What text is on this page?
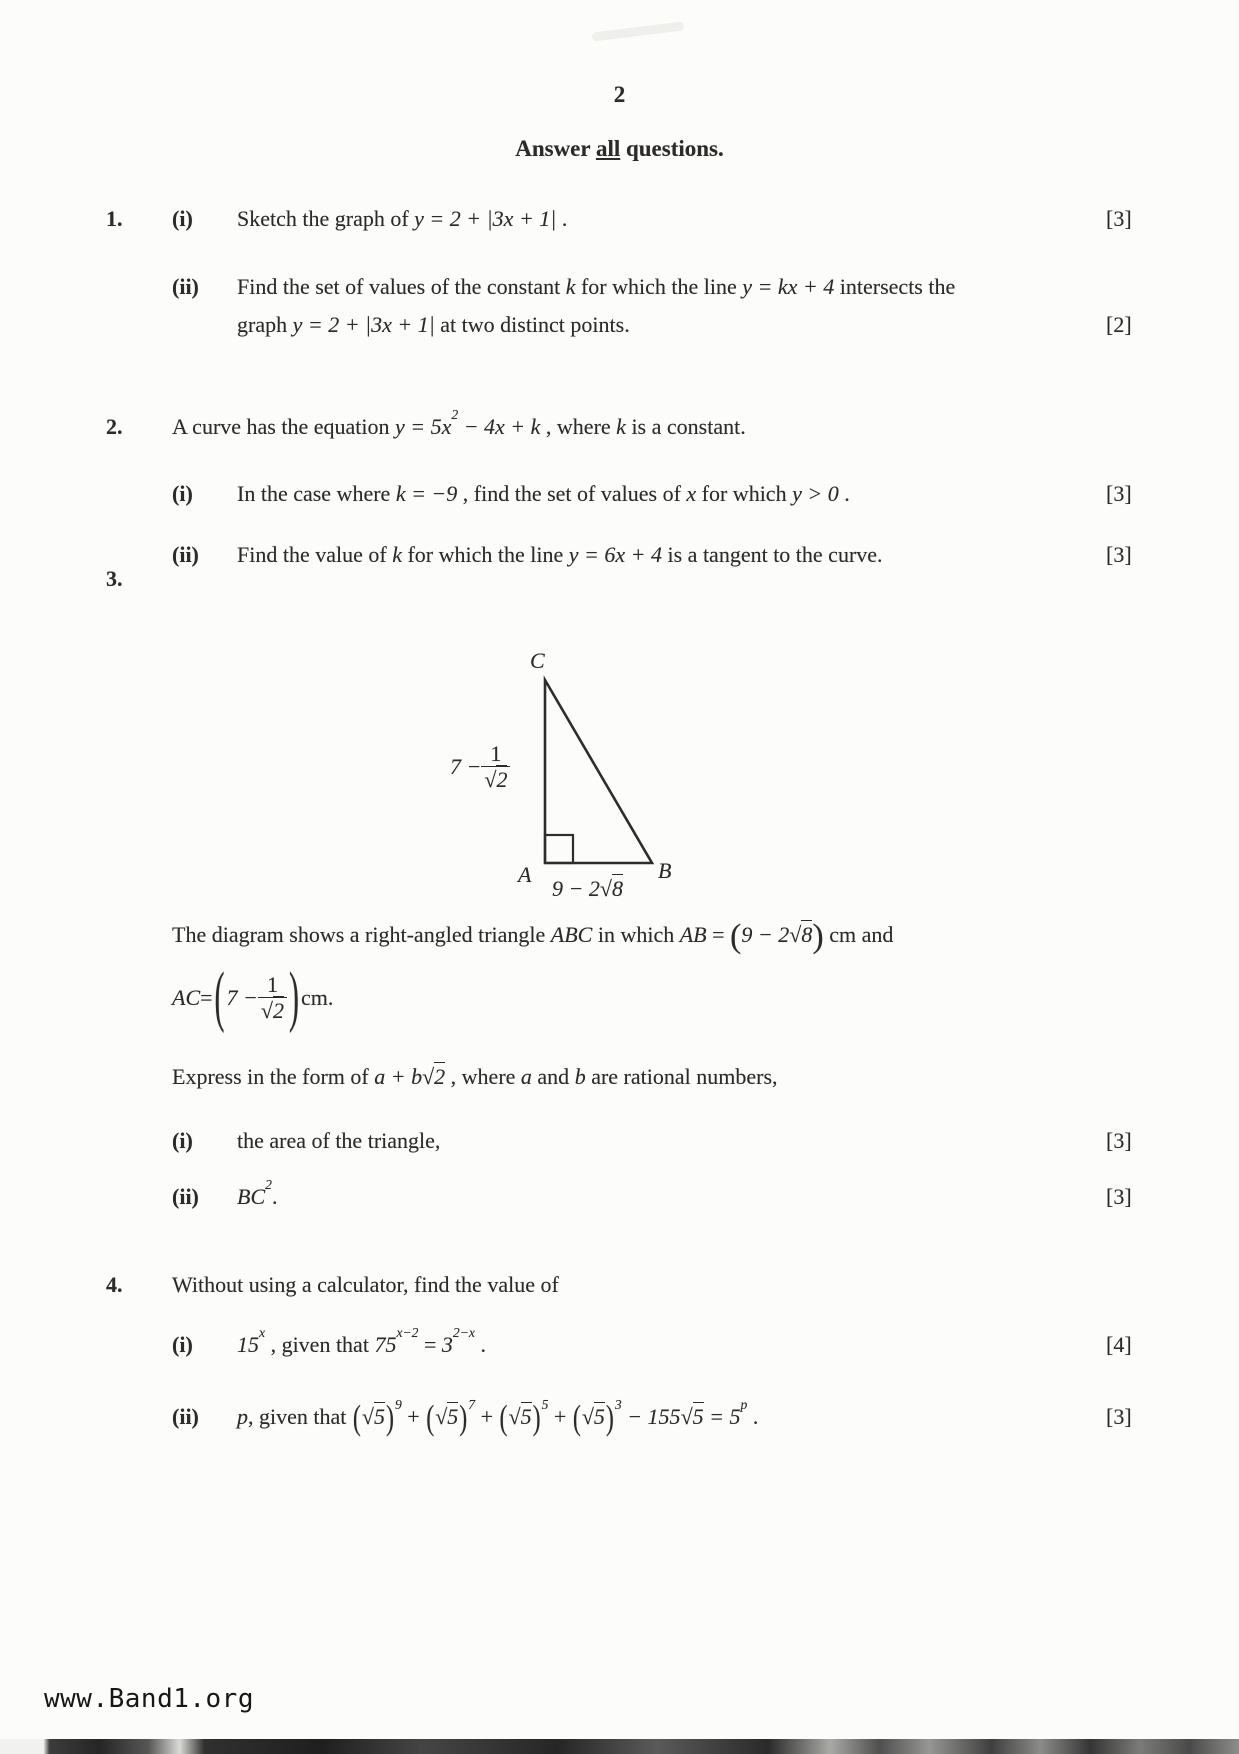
2
Answer all questions.
1. (i) Sketch the graph of y = 2 + |3x + 1| .	[3]
(ii) Find the set of values of the constant k for which the line y = kx + 4 intersects the
graph y = 2 + |3x + 1| at two distinct points.	[2]
2. A curve has the equation $y = 5x^2 - 4x + k$ , where k is a constant.
(i) In the case where k = −9 , find the set of values of x for which y > 0 .	[3]
(ii) Find the value of k for which the line y = 6x + 4 is a tangent to the curve.	[3]
3.
C
A	B
$7 - \frac{1}{√2}$
9 − 2√8
The diagram shows a right-angled triangle ABC in which AB = (9 − 2√8) cm and
AC = ( $7 - \frac{1}{√2}$ ) cm.
Express in the form of a + b√2 , where a and b are rational numbers,
(i) the area of the triangle,	[3]
(ii) $BC^2$.	[3]
4. Without using a calculator, find the value of
(i) 15$^x$ , given that $75^{x-2} = 3^{2-x}$ .	[4]
(ii) p, given that $(√5)^9 + (√5)^7 + (√5)^5 + (√5)^3 - 155√5 = 5^p$ .	[3]
www.Band1.org
